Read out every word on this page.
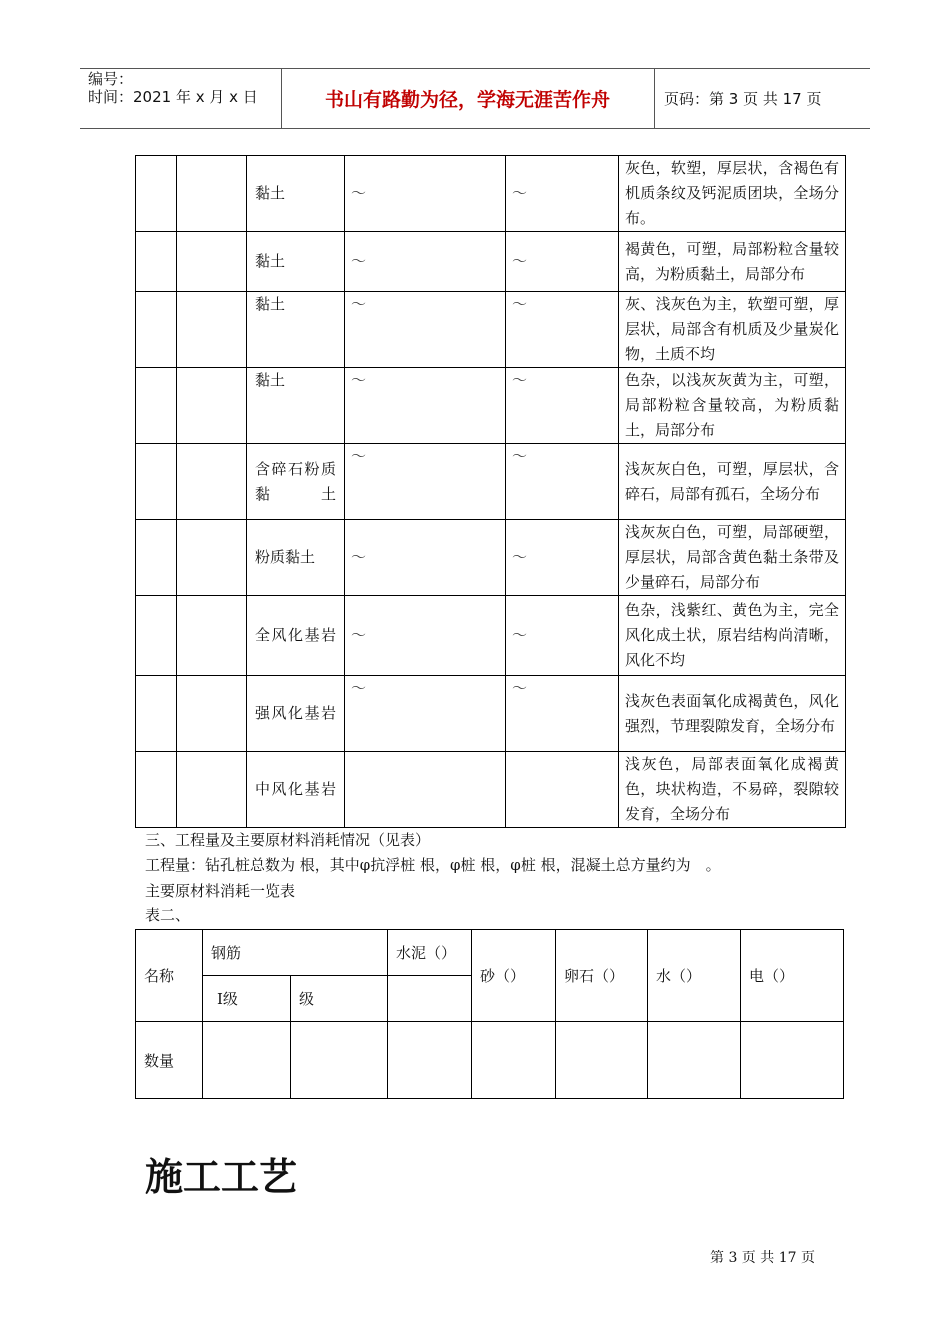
编号：
时间：2021 年 x 月 x 日	书山有路勤为径，学海无涯苦作舟	页码：第 3 页 共 17 页
		黏土	～	～	灰色，软塑，厚层状，含褐色有机质条纹及钙泥质团块，全场分布。
		黏土	～	～	褐黄色，可塑，局部粉粒含量较高，为粉质黏土，局部分布
		黏土	～	～	灰、浅灰色为主，软塑可塑，厚层状，局部含有机质及少量炭化物，土质不均
		黏土	～	～	色杂，以浅灰灰黄为主，可塑，局部粉粒含量较高，为粉质黏土，局部分布
		含碎石粉质黏土	～	～	浅灰灰白色，可塑，厚层状，含碎石，局部有孤石，全场分布
		粉质黏土	～	～	浅灰灰白色，可塑，局部硬塑，厚层状，局部含黄色黏土条带及少量碎石，局部分布
		全风化基岩	～	～	色杂，浅紫红、黄色为主，完全风化成土状，原岩结构尚清晰，风化不均
		强风化基岩	～	～	浅灰色表面氧化成褐黄色，风化强烈，节理裂隙发育，全场分布
		中风化基岩			浅灰色，局部表面氧化成褐黄色，块状构造，不易碎，裂隙较发育，全场分布
三、工程量及主要原材料消耗情况（见表）
工程量：钻孔桩总数为 根，其中φ抗浮桩 根，φ桩 根，φ桩 根，混凝土总方量约为　。
主要原材料消耗一览表
表二、
名称	钢筋		水泥（）	砂（）	卵石（）	水（）	电（）
	Ⅰ级	级					
数量							
施工工艺
第 3 页 共 17 页
